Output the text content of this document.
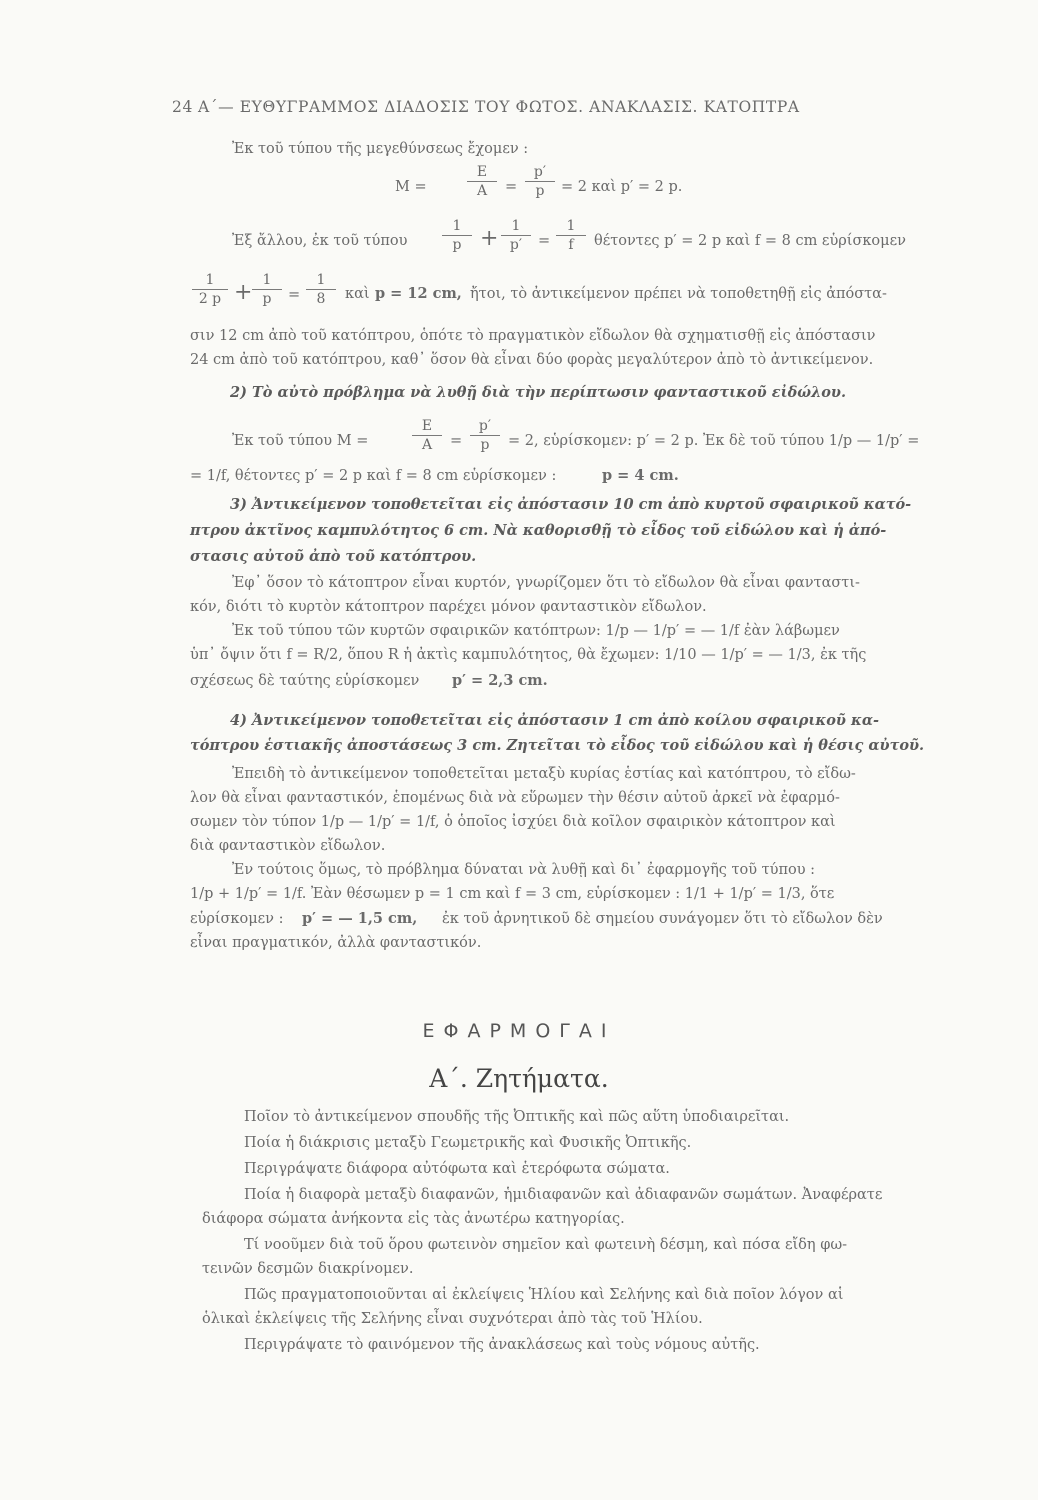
24 Α΄— ΕΥΘΥΓΡΑΜΜΟΣ ΔΙΑΔΟΣΙΣ ΤΟΥ ΦΩΤΟΣ. ΑΝΑΚΛΑΣΙΣ. ΚΑΤΟΠΤΡΑ
Ἐκ τοῦ τύπου τῆς μεγεθύνσεως ἔχομεν :
Μ =	$\frac{E}{A} = \frac{p'}{p} = 2$ καὶ p′ = 2 p.
Ἐξ ἄλλου, ἐκ τοῦ τύπου $\frac{1}{p} + \frac{1}{p'} = \frac{1}{f}$ θέτοντες p′ = 2 p καὶ f = 8 cm εὑρίσκομεν
$\frac{1}{2 p} + \frac{1}{p} = \frac{1}{8}$ καὶ p = 12 cm, ἤτοι, τὸ ἀντικείμενον πρέπει νὰ τοποθετηθῇ εἰς ἀπόστα-
σιν 12 cm ἀπὸ τοῦ κατόπτρου, ὁπότε τὸ πραγματικὸν εἴδωλον θὰ σχηματισθῇ εἰς ἀπόστασιν
24 cm ἀπὸ τοῦ κατόπτρου, καθ᾽ ὅσον θὰ εἶναι δύο φορὰς μεγαλύτερον ἀπὸ τὸ ἀντικείμενον.
2) Τὸ αὐτὸ πρόβλημα νὰ λυθῇ διὰ τὴν περίπτωσιν φανταστικοῦ εἰδώλου.
Ἐκ τοῦ τύπου Μ =	$\frac{E}{A} = \frac{p'}{p} = 2$, εὑρίσκομεν: p′ = 2 p. Ἐκ δὲ τοῦ τύπου 1/p — 1/p′ =
= 1/f, θέτοντες p′ = 2 p καὶ f = 8 cm εὑρίσκομεν :	p = 4 cm.
3) Ἀντικείμενον τοποθετεῖται εἰς ἀπόστασιν 10 cm ἀπὸ κυρτοῦ σφαιρικοῦ κατό-
πτρου ἀκτῖνος καμπυλότητος 6 cm. Νὰ καθορισθῇ τὸ εἶδος τοῦ εἰδώλου καὶ ἡ ἀπό-
στασις αὐτοῦ ἀπὸ τοῦ κατόπτρου.
Ἐφ᾽ ὅσον τὸ κάτοπτρον εἶναι κυρτόν, γνωρίζομεν ὅτι τὸ εἴδωλον θὰ εἶναι φανταστι-
κόν, διότι τὸ κυρτὸν κάτοπτρον παρέχει μόνον φανταστικὸν εἴδωλον.
Ἐκ τοῦ τύπου τῶν κυρτῶν σφαιρικῶν κατόπτρων: 1/p — 1/p′ = — 1/f ἐὰν λάβωμεν
ὑπ᾽ ὄψιν ὅτι f = R/2, ὅπου R ἡ ἀκτὶς καμπυλότητος, θὰ ἔχωμεν: 1/10 — 1/p′ = — 1/3, ἐκ τῆς
σχέσεως δὲ ταύτης εὑρίσκομεν p′ = 2,3 cm.
4) Ἀντικείμενον τοποθετεῖται εἰς ἀπόστασιν 1 cm ἀπὸ κοίλου σφαιρικοῦ κα-
τόπτρου ἑστιακῆς ἀποστάσεως 3 cm. Ζητεῖται τὸ εἶδος τοῦ εἰδώλου καὶ ἡ θέσις αὐτοῦ.
Ἐπειδὴ τὸ ἀντικείμενον τοποθετεῖται μεταξὺ κυρίας ἑστίας καὶ κατόπτρου, τὸ εἴδω-
λον θὰ εἶναι φανταστικόν, ἑπομένως διὰ νὰ εὕρωμεν τὴν θέσιν αὐτοῦ ἀρκεῖ νὰ ἐφαρμό-
σωμεν τὸν τύπον 1/p — 1/p′ = 1/f, ὁ ὁποῖος ἰσχύει διὰ κοῖλον σφαιρικὸν κάτοπτρον καὶ
διὰ φανταστικὸν εἴδωλον.
Ἐν τούτοις ὅμως, τὸ πρόβλημα δύναται νὰ λυθῇ καὶ δι᾽ ἐφαρμογῆς τοῦ τύπου :
1/p + 1/p′ = 1/f. Ἐὰν θέσωμεν p = 1 cm καὶ f = 3 cm, εὑρίσκομεν : 1/1 + 1/p′ = 1/3, ὅτε
εὑρίσκομεν : p′ = — 1,5 cm, ἐκ τοῦ ἀρνητικοῦ δὲ σημείου συνάγομεν ὅτι τὸ εἴδωλον δὲν
εἶναι πραγματικόν, ἀλλὰ φανταστικόν.
ΕΦΑΡΜΟΓΑΙ
Α΄. Ζητήματα.
Ποῖον τὸ ἀντικείμενον σπουδῆς τῆς Ὀπτικῆς καὶ πῶς αὕτη ὑποδιαιρεῖται.
Ποία ἡ διάκρισις μεταξὺ Γεωμετρικῆς καὶ Φυσικῆς Ὀπτικῆς.
Περιγράψατε διάφορα αὐτόφωτα καὶ ἑτερόφωτα σώματα.
Ποία ἡ διαφορὰ μεταξὺ διαφανῶν, ἡμιδιαφανῶν καὶ ἀδιαφανῶν σωμάτων. Ἀναφέρατε
διάφορα σώματα ἀνήκοντα εἰς τὰς ἀνωτέρω κατηγορίας.
Τί νοοῦμεν διὰ τοῦ ὅρου φωτεινὸν σημεῖον καὶ φωτεινὴ δέσμη, καὶ πόσα εἴδη φω-
τεινῶν δεσμῶν διακρίνομεν.
Πῶς πραγματοποιοῦνται αἱ ἐκλείψεις Ἡλίου καὶ Σελήνης καὶ διὰ ποῖον λόγον αἱ
ὁλικαὶ ἐκλείψεις τῆς Σελήνης εἶναι συχνότεραι ἀπὸ τὰς τοῦ Ἡλίου.
Περιγράψατε τὸ φαινόμενον τῆς ἀνακλάσεως καὶ τοὺς νόμους αὐτῆς.
